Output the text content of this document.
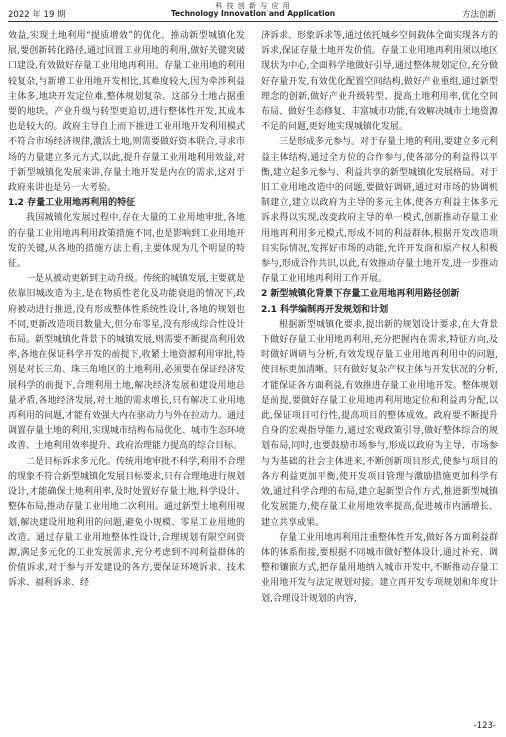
2022 年 19 期
科 技 创 新 与 应 用
Technology Innovation and Application	方法创新

效益,实现土地利用“提质增效”的优化。推动新型城镇化发展,要创新转化路径,通过回置工业用地的利用,做好关键突破口建设,有效做好存量工业用地再利用。存量工业用地的利用较复杂,与新增工业用地开发相比,其难度较大,因为牵涉利益主体多,地块开发定位难,整体规划复杂。这部分土地占据重要的地块。产业升级与转型更迫切,进行整体性开发,其成本也是较大的。政府主导自上而下推进工业用地开发利用模式不符合市场经济规律,激活土地,则需要做好资本联合,寻求市场的力量建立多元方式,以此,提升存量工业用地利用效益,对于新型城镇化发展来讲,存量土地开发是内在的需求,这对于政府来讲也是另一大考验。

1.2 存量工业用地再利用的特征

我国城镇化发展过程中,存在大量的工业用地审批,各地的存量工业用地再利用政策措施不同,也是影响到工业用地开发的关键,从各地的措施方法上看,主要体现为几个明显的特征。

一是从被动更新到主动升级。传统的城镇发展,主要就是依靠旧城改造为主,是在物质性老化及功能衰退的情况下,政府被动进行推进,没有形成整体性系统性设计,各地的规划也不同,更新改造项目数量大,但分布零星,没有形成综合性设计布局。新型城镇化背景下的城镇发展,则需要不断提高利用效率,各地在保证科学开发的前提下,收紧土地资源利用审批,特别是对长三角、珠三角地区的土地利用,必须要在保证经济发展科学的前提下,合理利用土地,解决经济发展和建设用地总量矛盾,各地经济发展,对土地的需求增长,只有解决工业用地再利用的问题,才能有效强大内在驱动力与外在拉动力。通过调置存量土地的利用,实现城市结构布局优化、城市生态环境改善、土地利用效率提升、政府治理能力提高的综合目标。

二是目标诉求多元化。传统用地审批不科学,利用不合理的现象不符合新型城镇化发展目标要求,只有合理地进行规划设计,才能确保土地利用率,及时处置好存量土地,科学设计、整体布局,推动存量工业用地二次利用。通过新型土地利用规划,解决建设用地利用的问题,避免小规模、零星工业用地的改造。通过存量工业用地整体性设计,合理规划有限空间资源,满足多元化的工业发展需求,充分考虑到不同利益群体的价值诉求,对于参与开发建设的各方,要保证环境诉求、技术诉求、福利诉求、经

济诉求、形象诉求等,通过依托城乡空间载体全面实现各方的诉求,保证存量土地开发价值。存量工业用地再利用须以地区现状为中心,全面科学地做好引导,通过整体规划定位,充分做好存量开发,有效优化配置空间结构,做好产业重组,通过新型理念的创新,做好产业升级转型、提高土地利用率,优化空间布局、做好生态修复、丰富城市功能,有效解决城市土地资源不足的问题,更好地实现城镇化发展。

三是形成多元参与。对于存量土地的利用,要建立多元利益主体结构,通过全方位的合作参与,使各部分的利益得以平衡,建立起多元参与、利益共享的新型城镇化发展格局。对于旧工业用地改造中的问题,要做好调研,通过对市场的协调机制建立,建立以政府为主导的多元主体,使各方利益主体多元诉求得以实现,改变政府主导的单一模式,创新推动存量工业用地再利用多元模式,形成不同的利益群体,根据开发改造项目实际情况,发挥好市场的动能,允许开发商和原产权人积极参与,形成合作共识,以此,有效推动存量土地开发,进一步推动存量工业用地再利用工作开展。

2 新型城镇化背景下存量工业用地再利用路径创新
2.1 科学编制再开发规划和计划

根据新型城镇化要求,提出新的规划设计要求,在大背景下做好存量工业用地再利用,充分把握内在需求,特征方向,及时做好调研与分析,有效发现存量工业用地再利用中的问题,使目标更加清晰。只有做好复杂产权主体与开发状况的分析,才能保证各方面利益,有效推进存量工业用地开发。整体规划是前提,要做好存量工业用地再利用地定位和利益再分配,以此,保证项目可行性,提高项目的整体成效。政府要不断提升自身的宏观指导能力,通过宏观政策引导,做好整体综合的规划布局,同时,也要鼓励市场参与,形成以政府为主导、市场参与为基础的社会主体进来,不断创新项目形式,使参与项目的各方利益更加平衡,使开发项目管理与激励措施更加科学有效,通过科学合理的布局,建立起新型合作方式,推进新型城镇化发展能力,使存量工业用地效率提高,促进城市内涵增长、建立共享成果。

存量工业用地再利用注重整体性开发,做好各方面利益群体的体系衔接,要根据不同城市做好整体设计,通过补充、调整和镶嵌方式,把存量用地纳入城市开发中,不断推动存量工业用地开发与法定规划对接。建立再开发专项规划和年度计划,合理设计规划的内容,

-123-
